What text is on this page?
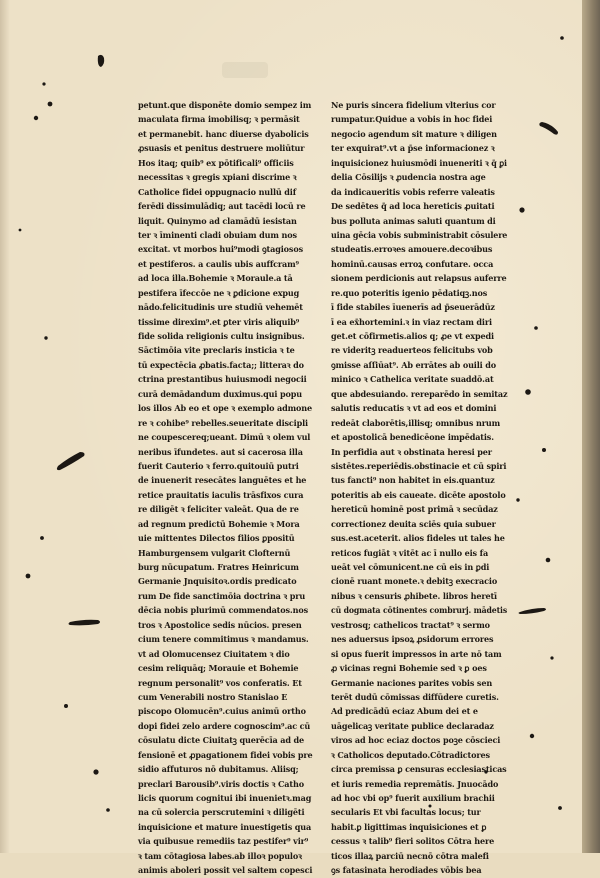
petunt.que disponēte domio sempez im
maculata firma imobilisq; ꝛ permāsit
et permanebit. hanc diuerse dyabolicis
ꝓsuasis et penitus destruere moliūtur
Hos itaq; quib⁹ ex pōtificali⁹ officiis
necessitas ꝛ gregis xpiani discrime ꝛ
Catholice fidei oppugnacio nullū dif
ferēdi dissimulādiq; aut tacēdi locū re
liquit. Quinymo ad clamādū iesistan
ter ꝛ īminenti cladi obuiam dum nos
excitat. vt morbos hui⁹modi ꝯtagiosos
et pestiferos. a caulis ubis auffcram⁹
ad loca illa.Bohemie ꝛ Moraule.a tā
pestifera īfeccōe ne ꝛ ꝑdicione expug
nādo.felicitudinis ure studiū vehemēt
tissime direxim⁹.et ꝑter viris aliquib⁹
fide solida religionis cultu insignibus.
Sāctimōia vite preclaris insticia ꝛ te
tū expectēcia ꝓbatis.facta;; litteraꝛ do
ctrina prestantibus huiusmodi negocii
curā demādandum duximus.qui popu
los illos Ab eo et ope ꝛ exemplo admone
re ꝛ cohibe⁹ rebelles.seueritate discipli
ne coupescereq;ueant. Dimū ꝛ olem vul
neribus īfundetes. aut si cacerosa illa
fuerit Cauterio ꝛ ferro.quitouiū putri
de inuenerit resecātes languētes et he
retice prauitatis iaculis trāsfixos cura
re diligēt ꝛ feliciter valeāt. Qua de re
ad regnum predictū Bohemie ꝛ Mora
uie mittentes Dilectos filios ꝑpositū
Hamburgensem vulgarit Clofternū
burg nūcupatum. Fratres Heinricum
Germanie Jnquisitoꝛ.ordis predicato
rum De fide sanctimōia doctrina ꝛ pru
dēcia nobis plurimū commendatos.nos
tros ꝛ Apostolice sedis nūcios. presen
cium tenere commitimus ꝛ mandamus.
vt ad Olomucensez Ciuitatem ꝛ dio
cesim reliquāq; Morauie et Bohemie
regnum personalit⁹ vos conferatis. Et
cum Venerabili nostro Stanislao E
piscopo Olomucēn⁹.cuius animū ortho
dopi fidei zelo ardere cognoscim⁹.ac cū
cōsulatu dicte Ciuitatꝫ querēcīa ad de
fensionē et ꝓpagationem fidei vobis pre
sidio affuturos nō dubitamus. Aliisq;
preclari Barousib⁹.viris doctis ꝛ Catho
licis quorum cognitui ibi inuenietꝛ.mag
na cū solercia perscrutemini ꝛ diligēti
inquisicione et mature inuestigetis qua
via quibusue remediis taz pestifer⁹ vir⁹
ꝛ tam cōtagiosa labes.ab illoꝛ populoꝛ
animis aboleri possit vel saltem copesci
Ne puris sincera fidelium vlterius cor
rumpatur.Quidue a vobis in hoc fidei
negocio agendum sit mature ꝛ diligen
ter exquirat⁹.vt a p̄se informacionez ꝛ
inquisicionez huiusmōdi inueneriti ꝛ q̄ ꝑi
delia Cōsilijs ꝛ ꝓudencia nostra age
da indicaueritis vobis referre valeatis
De sedētes q̄ ad loca hereticis ꝓuitati
bus polluta animas saluti quantum di
uina gēcia vobis subministrabit cōsulere
studeatis.erroꝛes amouere.decoꝛibus
hominū.causas erroꝝ confutare. occa
sionem perdicionis aut relapsus auferre
re.quo poteritis igenio pēdatiqꝫ.nos
ī fide stabiles īuenerīs ad p̄seuerādūz
ī ea ex̄hortemini.ꝛ in viaz rectam diri
get.et cōfirmetis.alios q; ꝓe vt expedi
re videritꝫ readuerteos felicitubs vob
ꝯmisse aſſiūat⁹. Ab errātes ab ouili do
minico ꝛ Cathelica veritate suaddō.at
que abdesuiando. rereparēdo in semitaz
salutis reducatis ꝛ vt ad eos et domini
redeāt claborētis,illisq; omnibus nrum
et apostolicā benedicēone impēdatis.
In perfidia aut ꝛ obstinata heresi per
sistētes.reperiēdis.obstinacie et cū spiri
tus fancti⁹ non habitet in eis.quantuz
poteritis ab eis caueate. dicēte apostolo
hereticū hominē post primā ꝛ secūdaz
correctionez deuita sciēs quia subuer
sus.est.aceterit. alios fideles ut tales he
reticos fugiāt ꝛ vitēt ac ī nullo eis fa
ueāt vel cōmunicent.ne cū eis in ꝑdi
cionē ruant monete.ꝛ debitꝫ execracio
nibus ꝛ censuris ꝓhibete. libros heretī
cū dogmata cōtinentes combrurj. mādetis
vestrosq; cathelicos tractat⁹ ꝛ sermo
nes aduersus ipsoꝝ ꝓsidorum errores
si opus fuerit impressos in arte nō tam
ꝓ vicinas regni Bohemie sed ꝛ ꝑ oes
Germanie naciones parites vobis sen
terēt dudū cōmissas diffūdere curetis.
Ad predicādū eciaz Abum dei et e
uāgelicaꝫ veritate publice declaradaz
viros ad hoc eciaz doctos poꝫe cōscieci
ꝛ Catholicos deputado.Cōtradictores
circa premissa ꝑ censuras ecclesiasticas
et iuris remedia repremātis. Jnuocādo
ad hoc vbi op⁹ fuerit auxilium brachii
secularis Et vbi facultas locus; tur
habit.ꝑ ligittimas inquisiciones et ꝑ
cessus ꝛ talib⁹ fieri solitos Cōtra here
ticos illaꝝ parciū necnō cōtra malefi
ꝯs fatasinata herodiades vōbis bea
